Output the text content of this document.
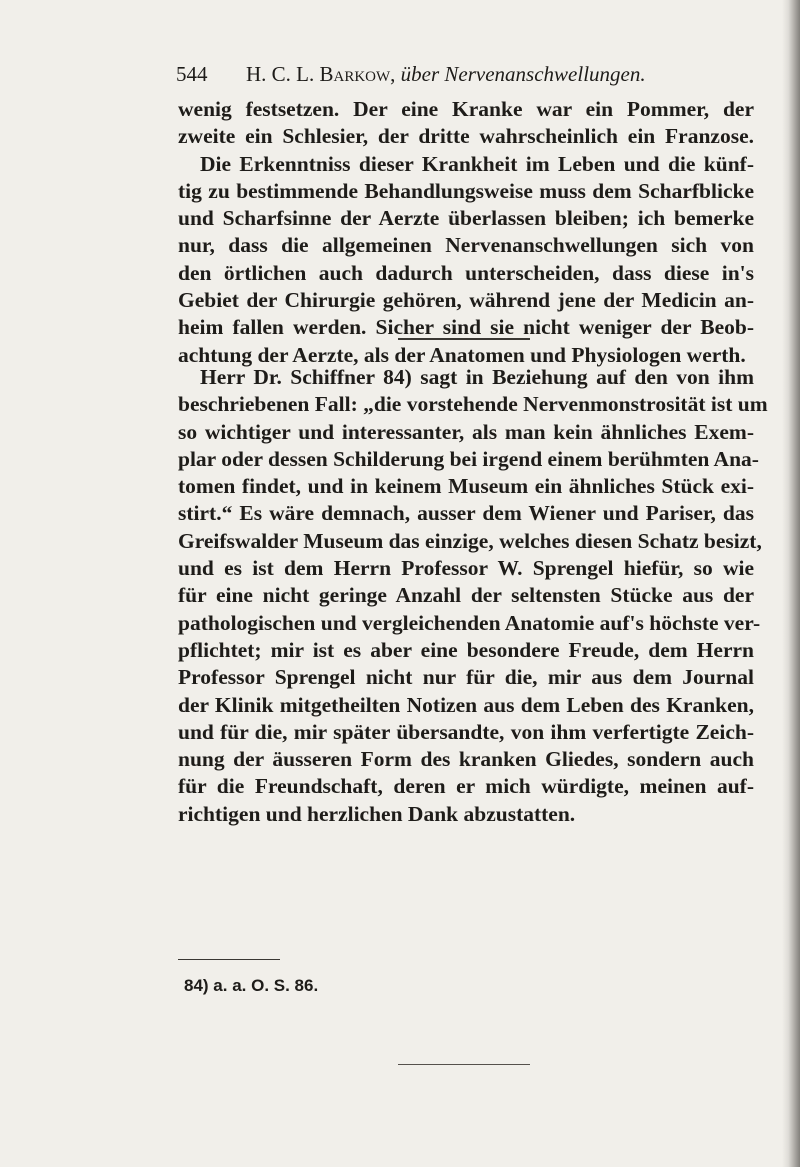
544 H. C. L. Barkow, über Nervenanschwellungen.
wenig festsetzen. Der eine Kranke war ein Pommer, der
zweite ein Schlesier, der dritte wahrscheinlich ein Franzose.
Die Erkenntniss dieser Krankheit im Leben und die künf-
tig zu bestimmende Behandlungsweise muss dem Scharfblicke
und Scharfsinne der Aerzte überlassen bleiben; ich bemerke
nur, dass die allgemeinen Nervenanschwellungen sich von
den örtlichen auch dadurch unterscheiden, dass diese in's
Gebiet der Chirurgie gehören, während jene der Medicin an-
heim fallen werden. Sicher sind sie nicht weniger der Beob-
achtung der Aerzte, als der Anatomen und Physiologen werth.
Herr Dr. Schiffner 84) sagt in Beziehung auf den von ihm
beschriebenen Fall: „die vorstehende Nervenmonstrosität ist um
so wichtiger und interessanter, als man kein ähnliches Exem-
plar oder dessen Schilderung bei irgend einem berühmten Ana-
tomen findet, und in keinem Museum ein ähnliches Stück exi-
stirt.“ Es wäre demnach, ausser dem Wiener und Pariser, das
Greifswalder Museum das einzige, welches diesen Schatz besizt,
und es ist dem Herrn Professor W. Sprengel hiefür, so wie
für eine nicht geringe Anzahl der seltensten Stücke aus der
pathologischen und vergleichenden Anatomie auf's höchste ver-
pflichtet; mir ist es aber eine besondere Freude, dem Herrn
Professor Sprengel nicht nur für die, mir aus dem Journal
der Klinik mitgetheilten Notizen aus dem Leben des Kranken,
und für die, mir später übersandte, von ihm verfertigte Zeich-
nung der äusseren Form des kranken Gliedes, sondern auch
für die Freundschaft, deren er mich würdigte, meinen auf-
richtigen und herzlichen Dank abzustatten.
84) a. a. O. S. 86.
